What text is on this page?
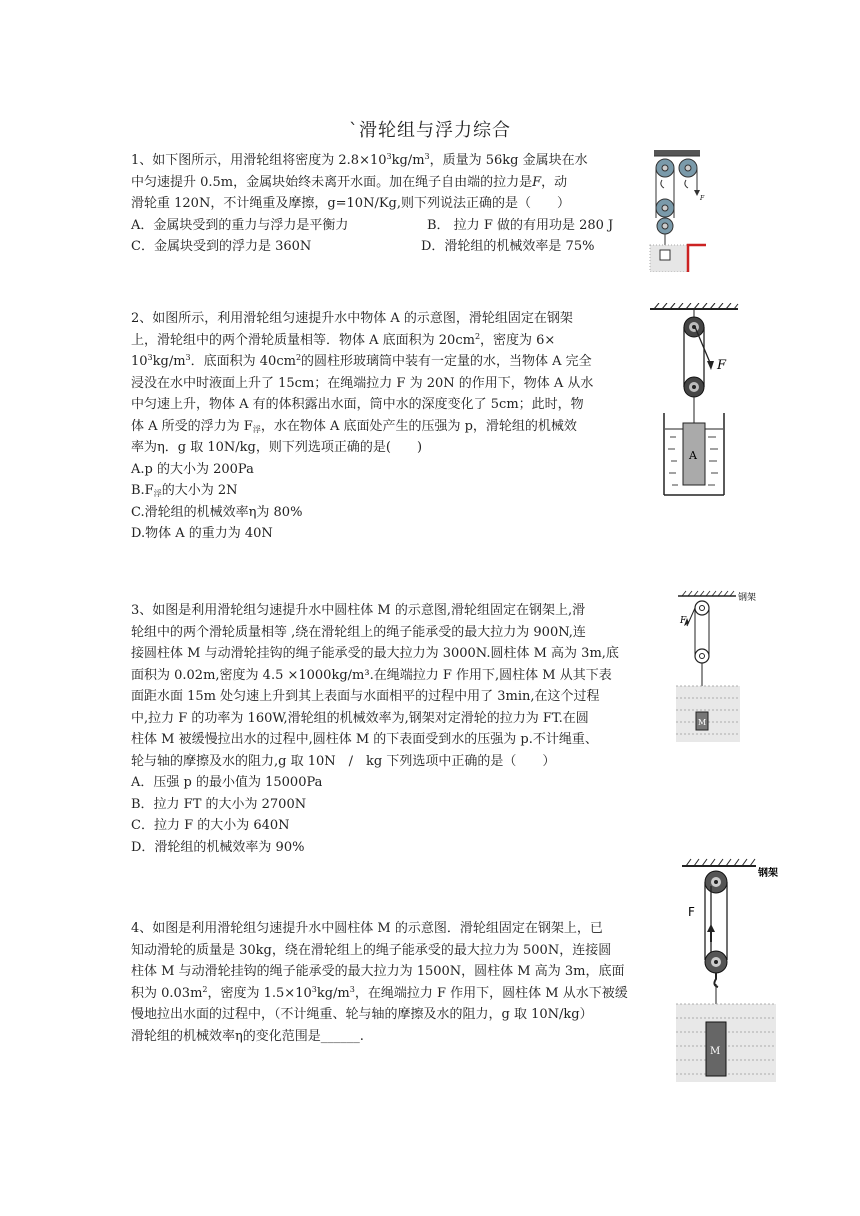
`滑轮组与浮力综合

1、如下图所示，用滑轮组将密度为 $2.8\times 10^3kg/m^3$，质量为 56kg 金属块在水

中匀速提升 0.5m，金属块始终未离开水面。加在绳子自由端的拉力是F，动

滑轮重 120N，不计绳重及摩擦，g=10N/Kg,则下列说法正确的是（　　）

A．金属块受到的重力与浮力是平衡力	B． 拉力 F 做的有用功是 280 J
C．金属块受到的浮力是 360N	D．滑轮组的机械效率是 75%
F

2、如图所示，利用滑轮组匀速提升水中物体 A 的示意图，滑轮组固定在钢架

上，滑轮组中的两个滑轮质量相等．物体 A 底面积为 $20cm^2$，密度为 6×

$10^3kg/m^3$．底面积为 $40cm^2$的圆柱形玻璃筒中装有一定量的水，当物体 A 完全

浸没在水中时液面上升了 15cm；在绳端拉力 F 为 20N 的作用下，物体 A 从水

中匀速上升，物体 A 有的体积露出水面，筒中水的深度变化了 5cm；此时，物

体 A 所受的浮力为 $F_浮$，水在物体 A 底面处产生的压强为 p，滑轮组的机械效

率为η．g 取 10N/kg，则下列选项正确的是(　　)

A.p 的大小为 200Pa

$B.F_浮$的大小为 2N

C.滑轮组的机械效率η为 80%

D.物体 A 的重力为 40N

F
A

3、如图是利用滑轮组匀速提升水中圆柱体 M 的示意图,滑轮组固定在钢架上,滑

轮组中的两个滑轮质量相等 ,绕在滑轮组上的绳子能承受的最大拉力为 900N,连

接圆柱体 M 与动滑轮挂钩的绳子能承受的最大拉力为 3000N.圆柱体 M 高为 3m,底

面积为 0.02m,密度为 4.5 ×1000kg/m³.在绳端拉力 F 作用下,圆柱体 M 从其下表

面距水面 15m 处匀速上升到其上表面与水面相平的过程中用了 3min,在这个过程

中,拉力 F 的功率为 160W,滑轮组的机械效率为,钢架对定滑轮的拉力为 FT.在圆

柱体 M 被缓慢拉出水的过程中,圆柱体 M 的下表面受到水的压强为 p.不计绳重、

轮与轴的摩擦及水的阻力,g 取 10N　/　kg 下列选项中正确的是（　　）

A．压强 p 的最小值为 15000Pa

B．拉力 FT 的大小为 2700N

C．拉力 F 的大小为 640N

D．滑轮组的机械效率为 90%

钢架
F
M

4、如图是利用滑轮组匀速提升水中圆柱体 M 的示意图．滑轮组固定在钢架上，已

知动滑轮的质量是 30kg，绕在滑轮组上的绳子能承受的最大拉力为 500N，连接圆

柱体 M 与动滑轮挂钩的绳子能承受的最大拉力为 1500N，圆柱体 M 高为 3m，底面

积为 $0.03m^2$，密度为 $1.5\times 10^3kg/m^3$，在绳端拉力 F 作用下，圆柱体 M 从水下被缓

慢地拉出水面的过程中，（不计绳重、轮与轴的摩擦及水的阻力，g 取 10N/kg）

滑轮组的机械效率η的变化范围是______.

钢架
F
M
